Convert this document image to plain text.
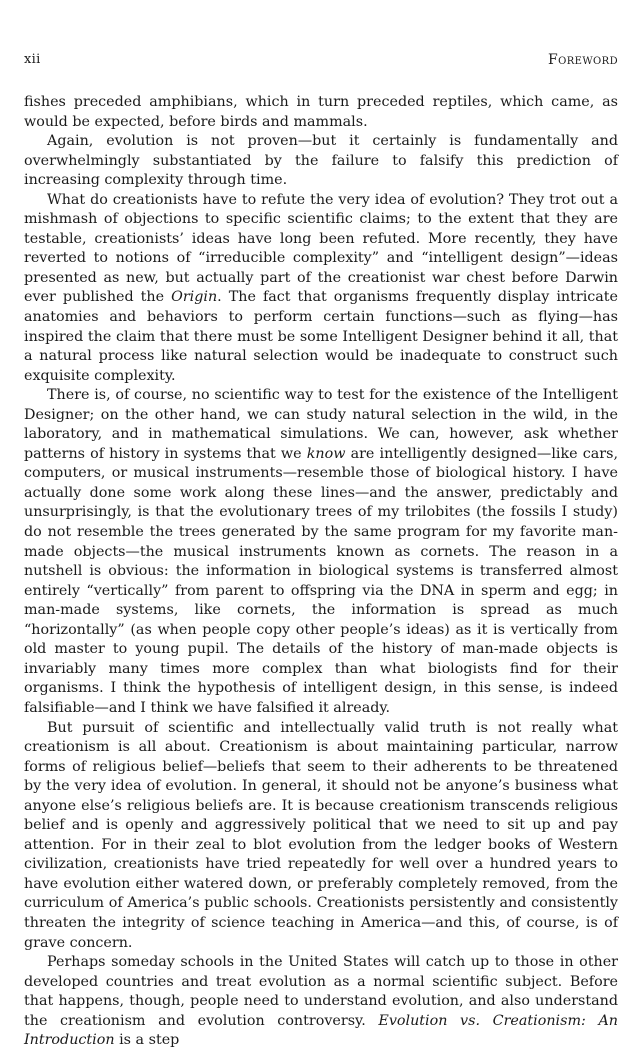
xii	Foreword

fishes preceded amphibians, which in turn preceded reptiles, which came, as would be expected, before birds and mammals.

Again, evolution is not proven—but it certainly is fundamentally and overwhelmingly substantiated by the failure to falsify this prediction of increasing complexity through time.

What do creationists have to refute the very idea of evolution? They trot out a mishmash of objections to specific scientific claims; to the extent that they are testable, creationists’ ideas have long been refuted. More recently, they have reverted to notions of “irreducible complexity” and “intelligent design”—ideas presented as new, but actually part of the creationist war chest before Darwin ever published the Origin. The fact that organisms frequently display intricate anatomies and behaviors to perform certain functions—such as flying—has inspired the claim that there must be some Intelligent Designer behind it all, that a natural process like natural selection would be inadequate to construct such exquisite complexity.

There is, of course, no scientific way to test for the existence of the Intelligent Designer; on the other hand, we can study natural selection in the wild, in the laboratory, and in mathematical simulations. We can, however, ask whether patterns of history in systems that we know are intelligently designed—like cars, computers, or musical instruments—resemble those of biological history. I have actually done some work along these lines—and the answer, predictably and unsurprisingly, is that the evolutionary trees of my trilobites (the fossils I study) do not resemble the trees generated by the same program for my favorite man-made objects—the musical instruments known as cornets. The reason in a nutshell is obvious: the information in biological systems is transferred almost entirely “vertically” from parent to offspring via the DNA in sperm and egg; in man-made systems, like cornets, the information is spread as much “horizontally” (as when people copy other people’s ideas) as it is vertically from old master to young pupil. The details of the history of man-made objects is invariably many times more complex than what biologists find for their organisms. I think the hypothesis of intelligent design, in this sense, is indeed falsifiable—and I think we have falsified it already.

But pursuit of scientific and intellectually valid truth is not really what creationism is all about. Creationism is about maintaining particular, narrow forms of religious belief—beliefs that seem to their adherents to be threatened by the very idea of evolution. In general, it should not be anyone’s business what anyone else’s religious beliefs are. It is because creationism transcends religious belief and is openly and aggressively political that we need to sit up and pay attention. For in their zeal to blot evolution from the ledger books of Western civilization, creationists have tried repeatedly for well over a hundred years to have evolution either watered down, or preferably completely removed, from the curriculum of America’s public schools. Creationists persistently and consistently threaten the integrity of science teaching in America—and this, of course, is of grave concern.

Perhaps someday schools in the United States will catch up to those in other developed countries and treat evolution as a normal scientific subject. Before that happens, though, people need to understand evolution, and also understand the creationism and evolution controversy. Evolution vs. Creationism: An Introduction is a step
